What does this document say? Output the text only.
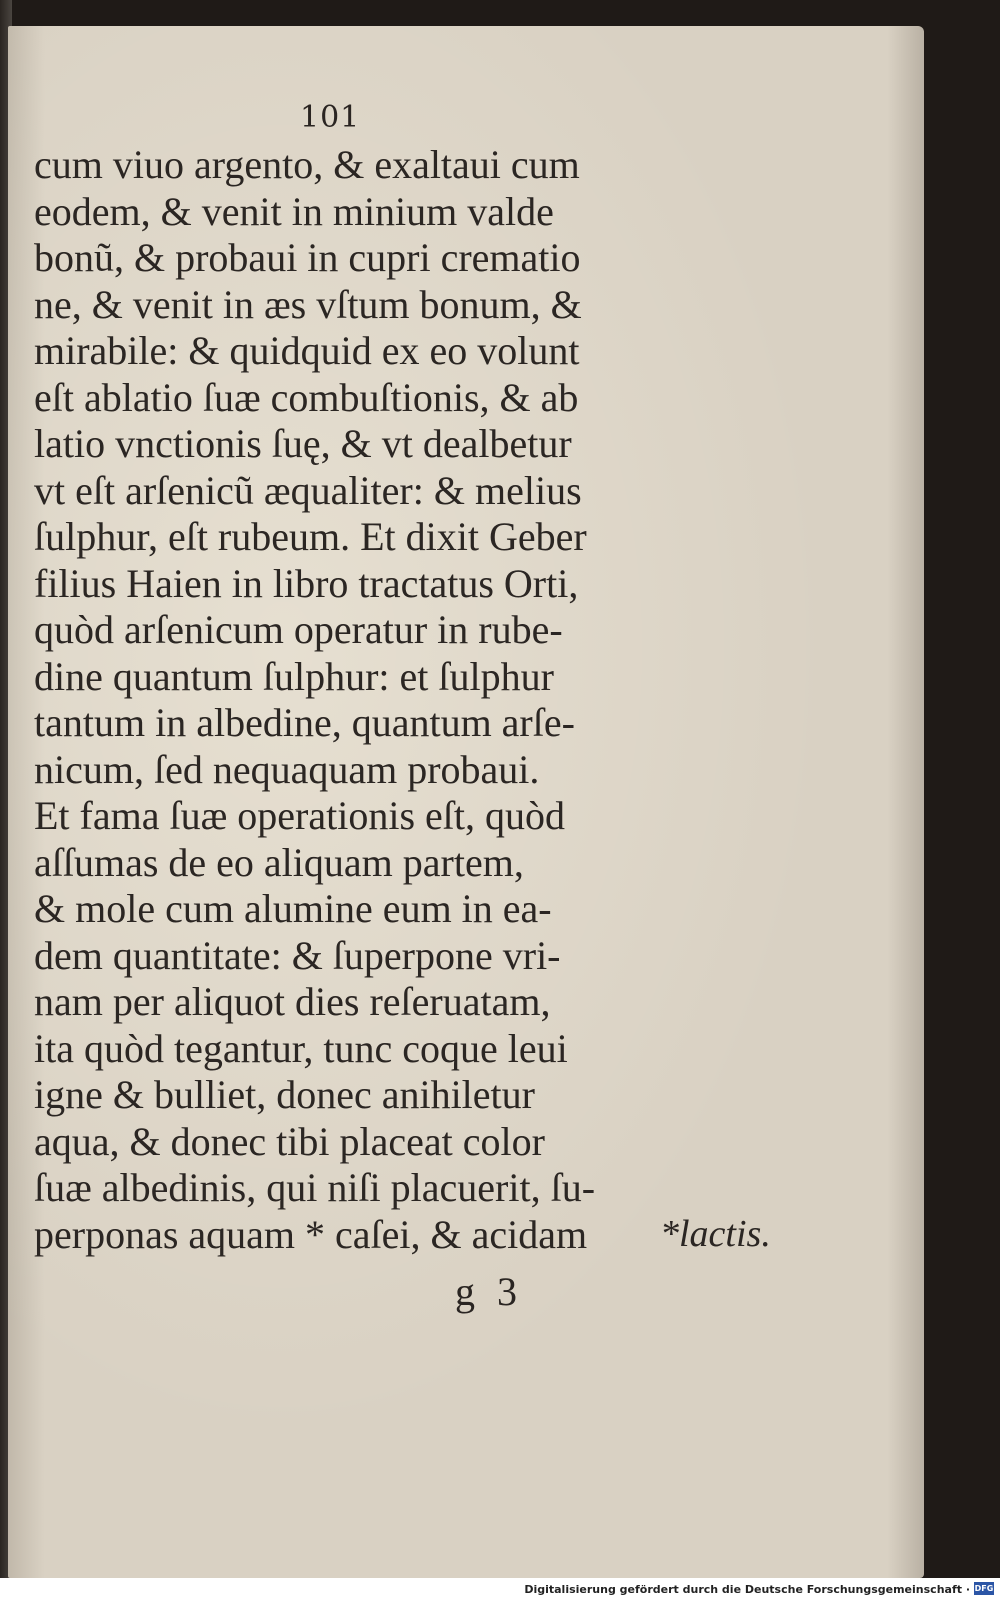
101
cum viuo argento, & exaltaui cum
eodem, & venit in minium valde
bonũ, & probaui in cupri crematio
ne, & venit in æs vſtum bonum, &
mirabile: & quidquid ex eo volunt
eſt ablatio ſuæ combuſtionis, & ab
latio vnctionis ſuę, & vt dealbetur
vt eſt arſenicũ æqualiter: & melius
ſulphur, eſt rubeum. Et dixit Geber
filius Haien in libro tractatus Orti,
quòd arſenicum operatur in rube-
dine quantum ſulphur: et ſulphur
tantum in albedine, quantum arſe-
nicum, ſed nequaquam probaui.
Et fama ſuæ operationis eſt, quòd
aſſumas de eo aliquam partem,
& mole cum alumine eum in ea-
dem quantitate: & ſuperpone vri-
nam per aliquot dies reſeruatam,
ita quòd tegantur, tunc coque leui
igne & bulliet, donec anihiletur
aqua, & donec tibi placeat color
ſuæ albedinis, qui niſi placuerit, ſu-
perponas aquam * caſei, & acidam	*lactis.
g 3
Digitalisierung gefördert durch die Deutsche Forschungsgemeinschaft · DFG
